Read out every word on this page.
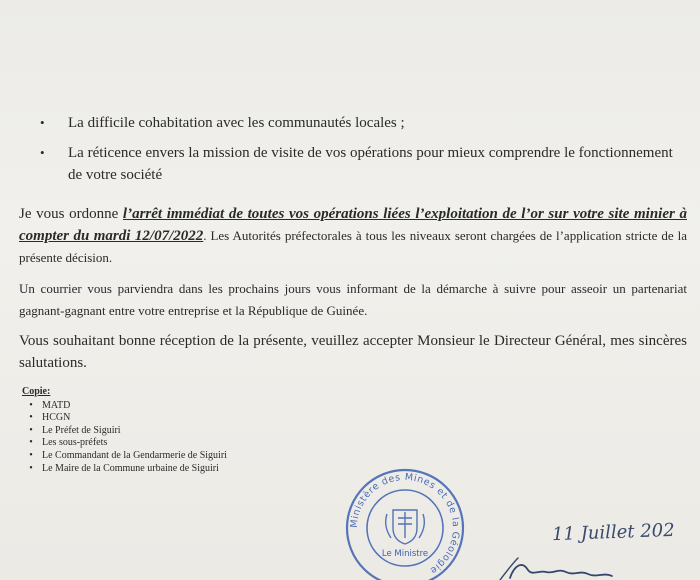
•	La difficile cohabitation avec les communautés locales ;
•	La réticence envers la mission de visite de vos opérations pour mieux comprendre le fonctionnement de votre société
Je vous ordonne l’arrêt immédiat de toutes vos opérations liées l’exploitation de l’or sur votre site minier à compter du mardi 12/07/2022. Les Autorités préfectorales à tous les niveaux seront chargées de l’application stricte de la présente décision.
Un courrier vous parviendra dans les prochains jours vous informant de la démarche à suivre pour asseoir un partenariat gagnant-gagnant entre votre entreprise et la République de Guinée.
Vous souhaitant bonne réception de la présente, veuillez accepter Monsieur le Directeur Général, mes sincères salutations.
Copie:
• MATD
• HCGN
• Le Préfet de Siguiri
• Les sous-préfets
• Le Commandant de la Gendarmerie de Siguiri
• Le Maire de la Commune urbaine de Siguiri
Ministère des Mines et de la Géologie
Le Ministre
11 Juillet 202
